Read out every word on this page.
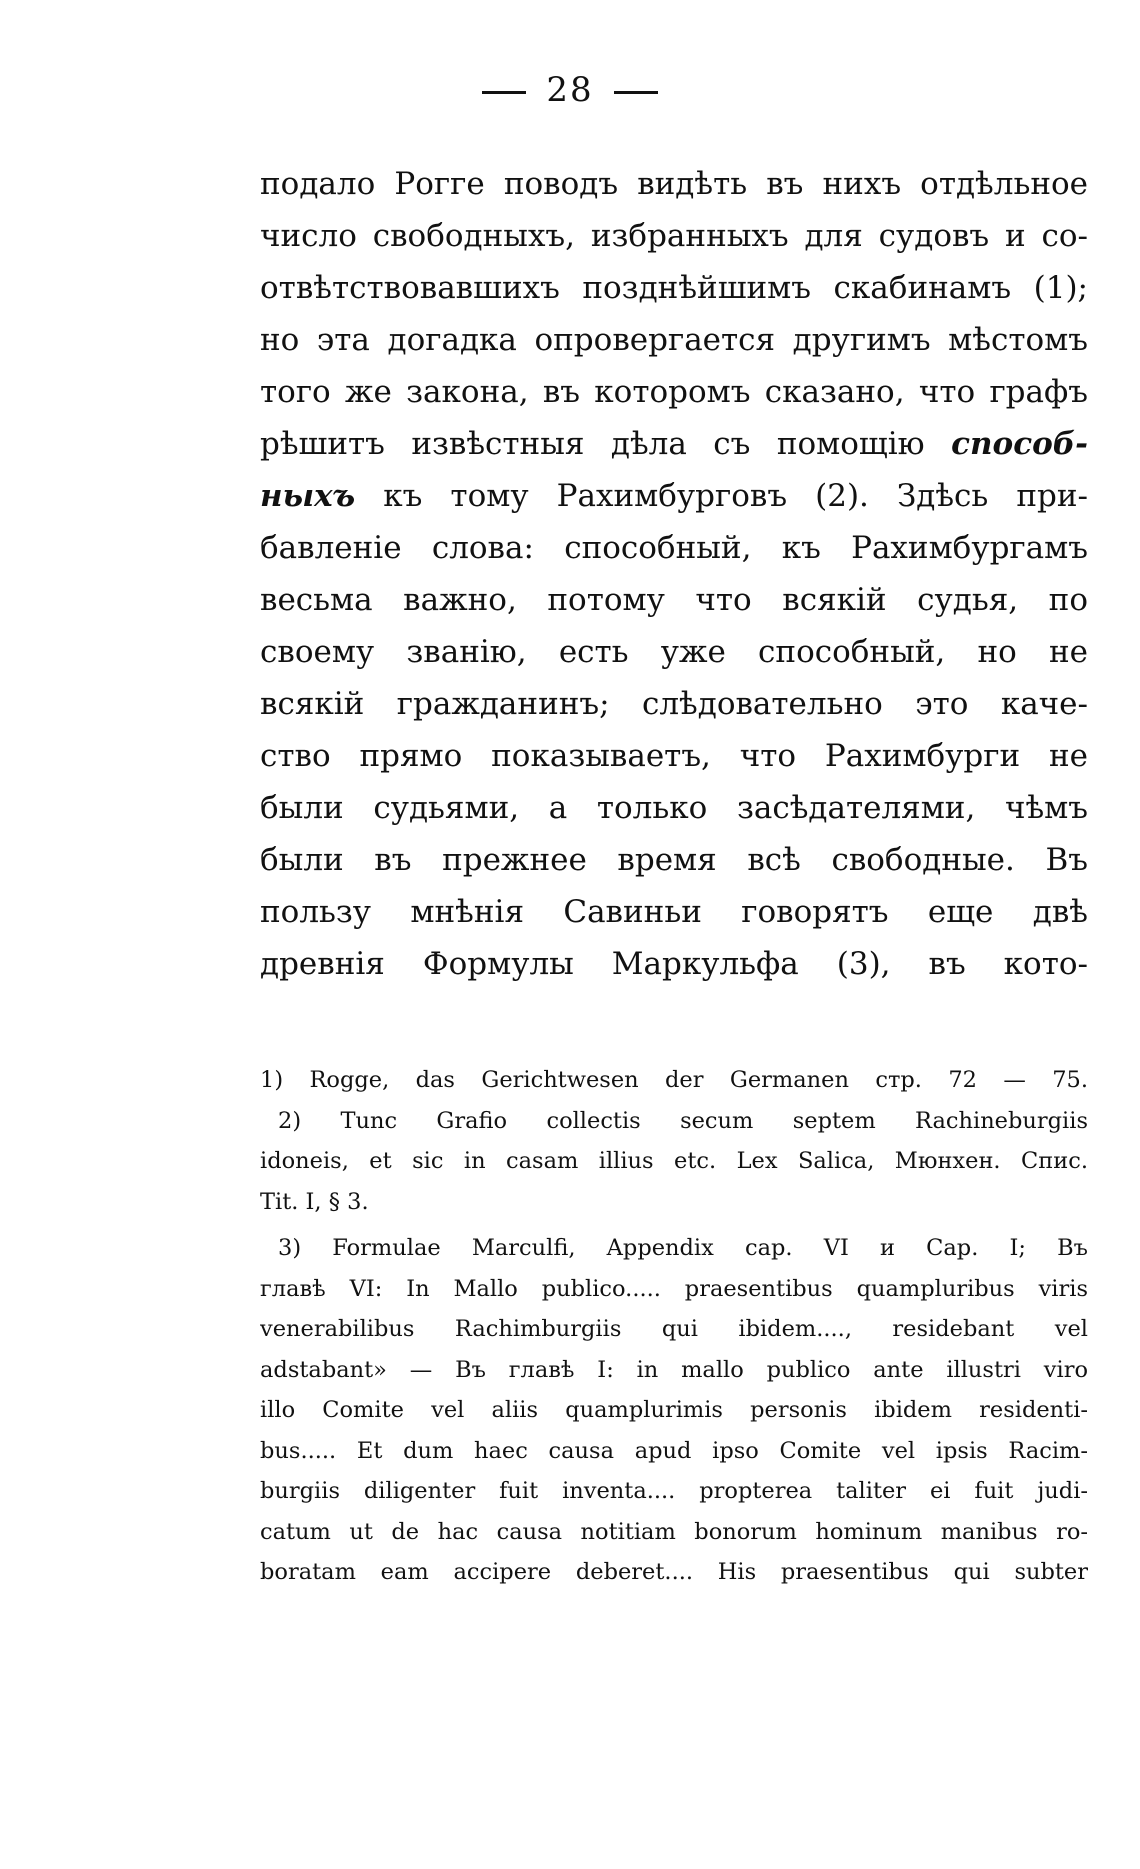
28
подало Рогге поводъ видѣть въ нихъ отдѣльное
число свободныхъ, избранныхъ для судовъ и со-
отвѣтствовавшихъ позднѣйшимъ скабинамъ (1);
но эта догадка опровергается другимъ мѣстомъ
того же закона, въ которомъ сказано, что графъ
рѣшитъ извѣстныя дѣла съ помощію способ-
ныхъ къ тому Рахимбурговъ (2). Здѣсь при-
бавленіе слова: способный, къ Рахимбургамъ
весьма важно, потому что всякій судья, по
своему званію, есть уже способный, но не
всякій гражданинъ; слѣдовательно это каче-
ство прямо показываетъ, что Рахимбурги не
были судьями, а только засѣдателями, чѣмъ
были въ прежнее время всѣ свободные. Въ
пользу мнѣнія Савиньи говорятъ еще двѣ
древнія Формулы Маркульфа (3), въ кото-
1) Rogge, das Gerichtwesen der Germanen стр. 72 — 75.
2) Tunc Grafio collectis secum septem Rachineburgiis
idoneis, et sic in casam illius etc. Lex Salica, Мюнхен. Спис.
Tit. I, § 3.
3) Formulae Marculfi, Appendix cap. VI и Cap. I; Въ
главѣ VI: In Mallo publico..... praesentibus quampluribus viris
venerabilibus Rachimburgiis qui ibidem...., residebant vel
adstabant» — Въ главѣ I: in mallo publico ante illustri viro
illo Comite vel aliis quamplurimis personis ibidem residenti-
bus..... Et dum haec causa apud ipso Comite vel ipsis Racim-
burgiis diligenter fuit inventa.... propterea taliter ei fuit judi-
catum ut de hac causa notitiam bonorum hominum manibus ro-
boratam eam accipere deberet.... His praesentibus qui subter
